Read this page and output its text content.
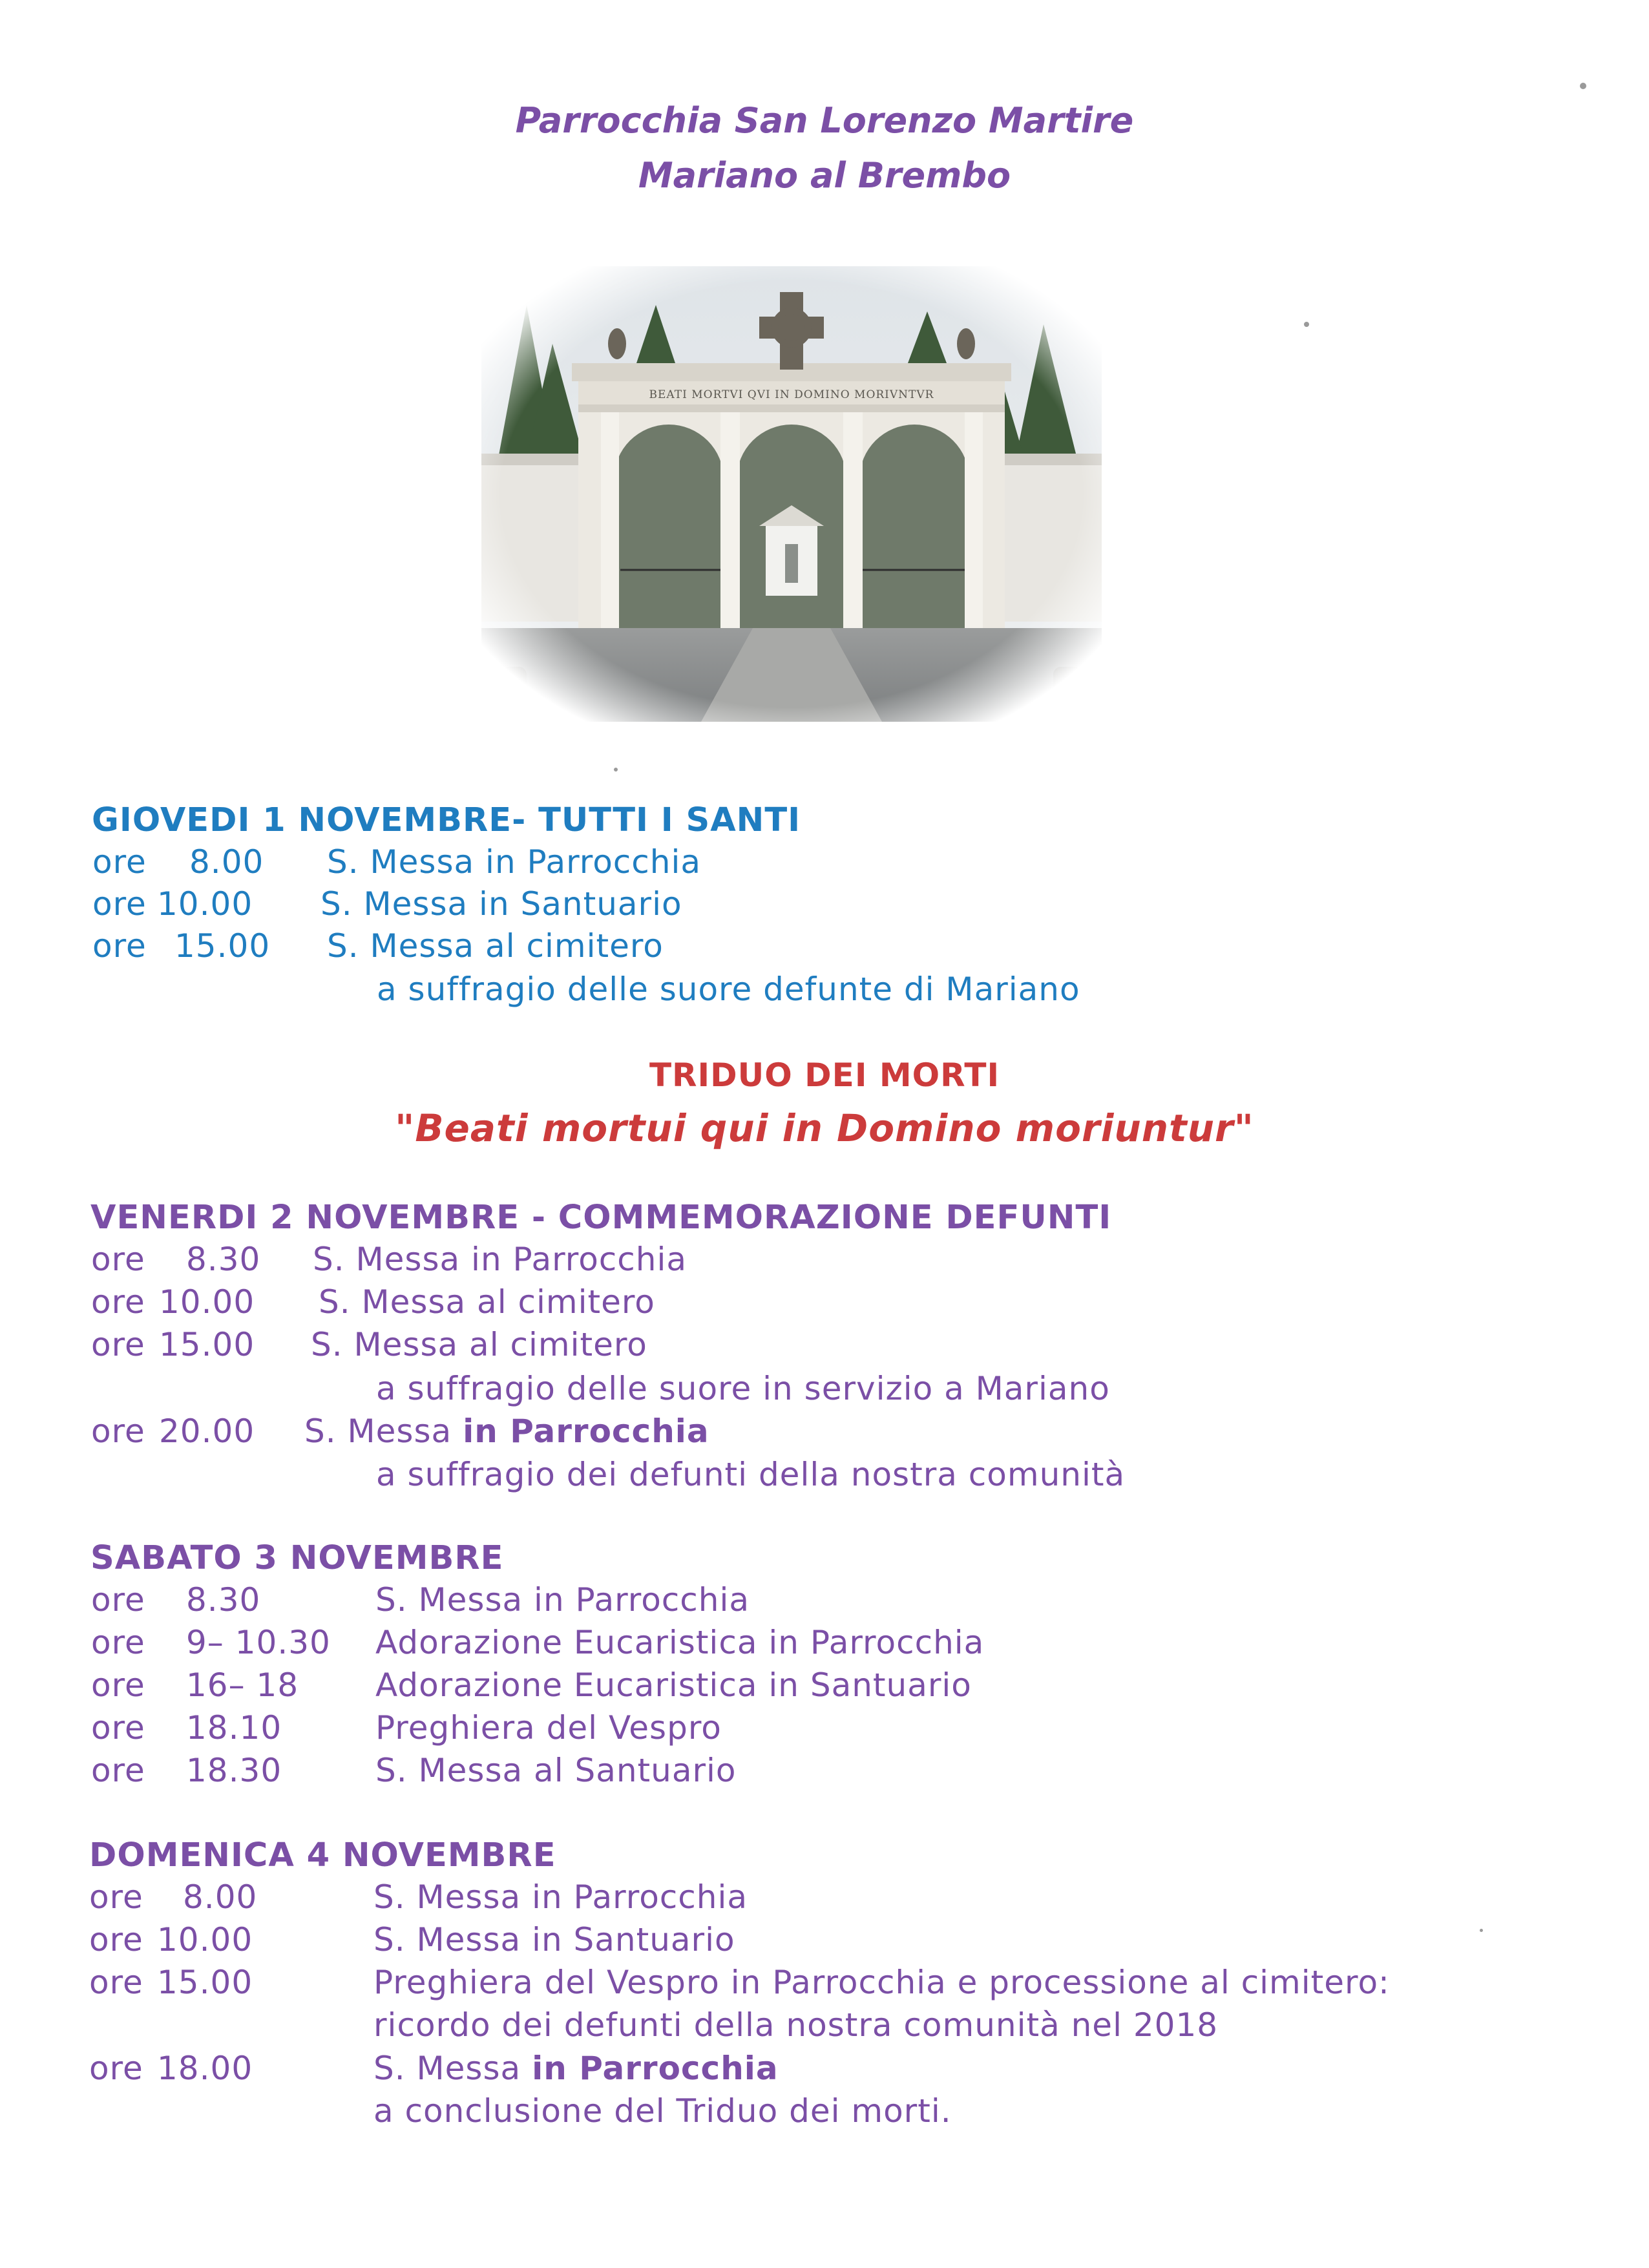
Parrocchia San Lorenzo Martire
Mariano al Brembo
GIOVEDI 1 NOVEMBRE- TUTTI I SANTI
ore 8.00 S. Messa in Parrocchia
ore 10.00 S. Messa in Santuario
ore 15.00 S. Messa al cimitero
a suffragio delle suore defunte di Mariano
TRIDUO DEI MORTI
"Beati mortui qui in Domino moriuntur"
VENERDI 2 NOVEMBRE - COMMEMORAZIONE DEFUNTI
ore 8.30 S. Messa in Parrocchia
ore 10.00 S. Messa al cimitero
ore 15.00 S. Messa al cimitero
a suffragio delle suore in servizio a Mariano
ore 20.00 S. Messa in Parrocchia
a suffragio dei defunti della nostra comunità
SABATO 3 NOVEMBRE
ore 8.30	S. Messa in Parrocchia
ore 9– 10.30 Adorazione Eucaristica in Parrocchia
ore 16– 18 Adorazione Eucaristica in Santuario
ore 18.10	Preghiera del Vespro
ore 18.30	S. Messa al Santuario
DOMENICA 4 NOVEMBRE
ore 8.00	S. Messa in Parrocchia
ore 10.00	S. Messa in Santuario
ore 15.00	Preghiera del Vespro in Parrocchia e processione al cimitero:
ricordo dei defunti della nostra comunità nel 2018
ore 18.00	S. Messa in Parrocchia
a conclusione del Triduo dei morti.
